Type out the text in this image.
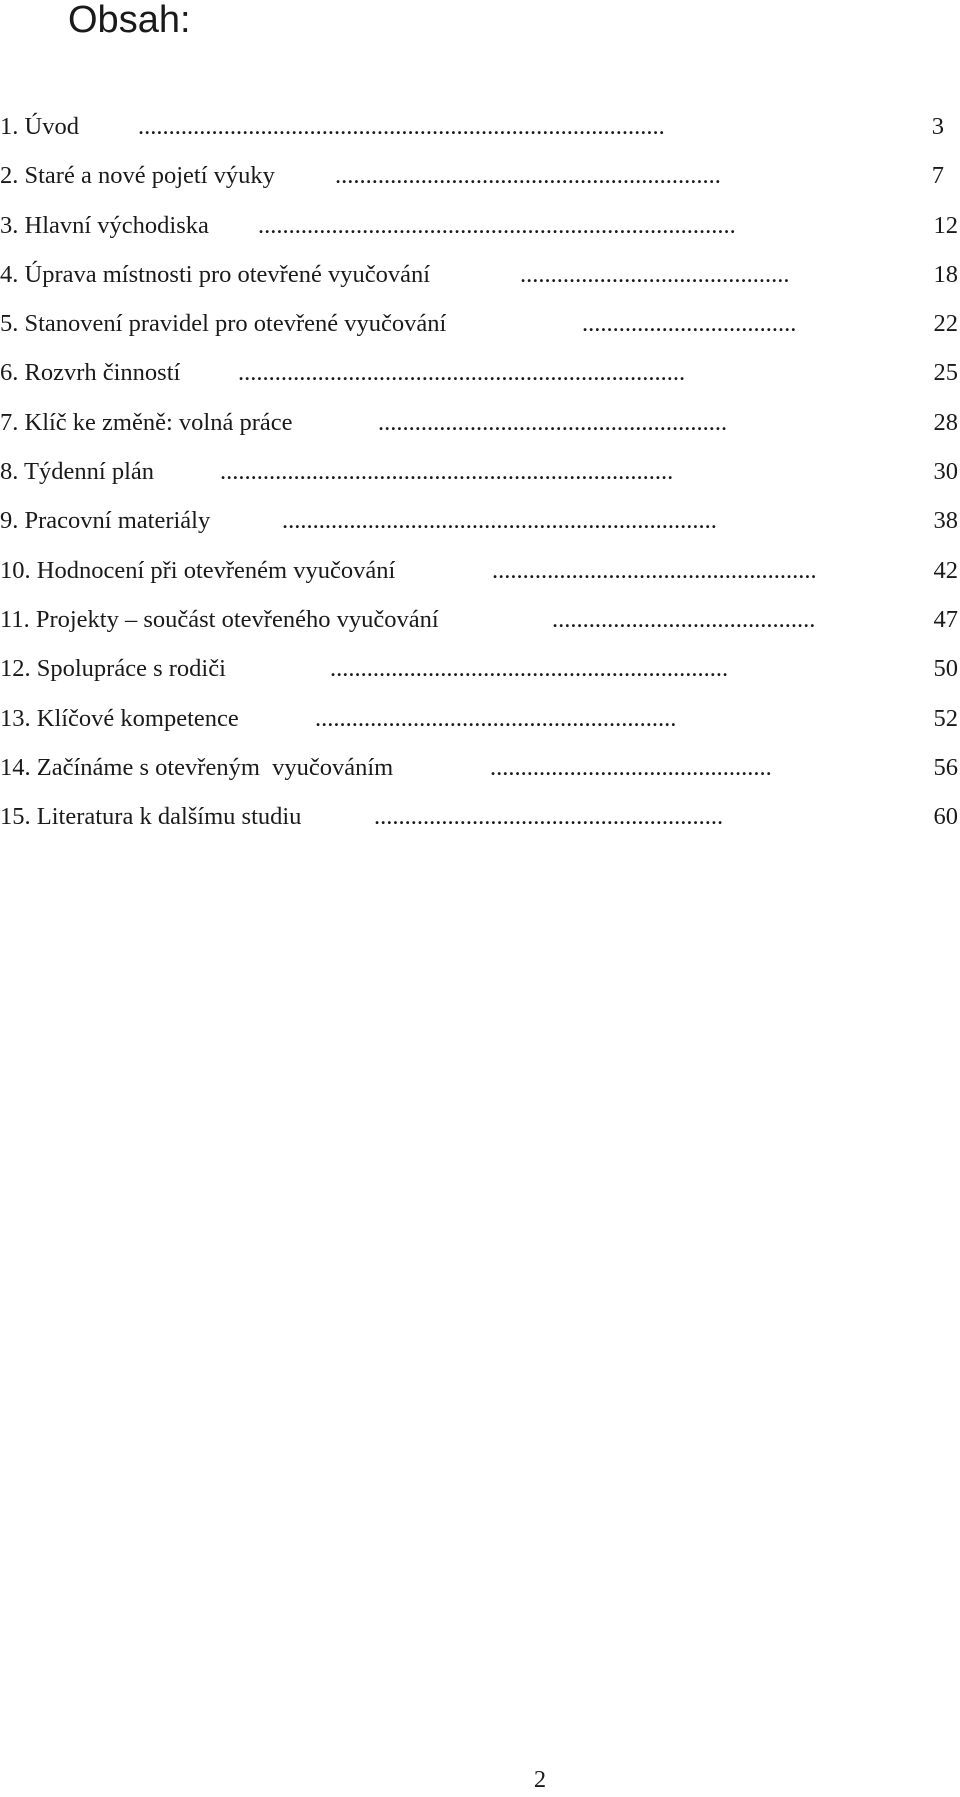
Obsah:
1. Úvod ......................................................................................	3
2. Staré a nové pojetí výuky ...............................................................	7
3. Hlavní východiska ..............................................................................	12
4. Úprava místnosti pro otevřené vyučování	............................................	18
5. Stanovení pravidel pro otevřené vyučování	...................................	22
6. Rozvrh činností .........................................................................	25
7. Klíč ke změně: volná práce	.........................................................	28
8. Týdenní plán	..........................................................................	30
9. Pracovní materiály	.......................................................................	38
10. Hodnocení při otevřeném vyučování	.....................................................	42
11. Projekty – součást otevřeného vyučování	...........................................	47
12. Spolupráce s rodiči	.................................................................	50
13. Klíčové kompetence	...........................................................	52
14. Začínáme s otevřeným  vyučováním	..............................................	56
15. Literatura k dalšímu studiu	.........................................................	60
2
